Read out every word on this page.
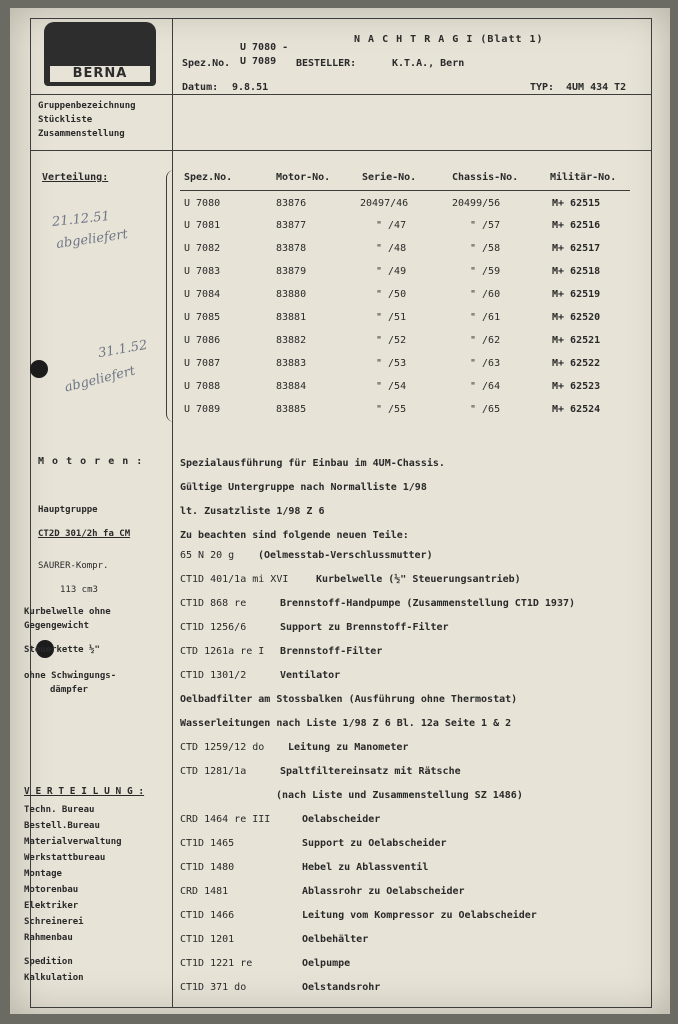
BERNA
U 7080 -
N A C H T R A G I (Blatt 1)
Spez.No. U 7089 BESTELLER:	K.T.A., Bern
Datum: 9.8.51	TYP: 4UM 434 T2
Gruppenbezeichnung
Stückliste
Zusammenstellung
Verteilung:	Spez.No.	Motor-No.	Serie-No.	Chassis-No.	Militär-No.
U 7080	83876	20497/46	20499/56	M+ 62515
U 7081	83877	" /47	" /57	M+ 62516
U 7082	83878	" /48	" /58	M+ 62517
U 7083	83879	" /49	" /59	M+ 62518
U 7084	83880	" /50	" /60	M+ 62519
U 7085	83881	" /51	" /61	M+ 62520
U 7086	83882	" /52	" /62	M+ 62521
U 7087	83883	" /53	" /63	M+ 62522
U 7088	83884	" /54	" /64	M+ 62523
U 7089	83885	" /55	" /65	M+ 62524
21.12.51
abgeliefert
31.1.52
abgeliefert
M o t o r e n :
Hauptgruppe
CT2D 301/2h fa CM
SAURER-Kompr.
113 cm3
Kurbelwelle ohne
Gegengewicht
Steuerkette ½"
ohne Schwingungs-
dämpfer
Spezialausführung für Einbau im 4UM-Chassis.
Gültige Untergruppe nach Normalliste 1/98
lt. Zusatzliste 1/98 Z 6
Zu beachten sind folgende neuen Teile:
65 N 20 g (Oelmesstab-Verschlussmutter)
CT1D 401/1a mi XVI	Kurbelwelle (½" Steuerungsantrieb)
CT1D 868 re	Brennstoff-Handpumpe (Zusammenstellung CT1D 1937)
CT1D 1256/6	Support zu Brennstoff-Filter
CTD 1261a re I Brennstoff-Filter
CT1D 1301/2	Ventilator
Oelbadfilter am Stossbalken (Ausführung ohne Thermostat)
Wasserleitungen nach Liste 1/98 Z 6 Bl. 12a Seite 1 & 2
CTD 1259/12 do Leitung zu Manometer
CTD 1281/1a	Spaltfiltereinsatz mit Rätsche
(nach Liste und Zusammenstellung SZ 1486)
CRD 1464 re III	Oelabscheider
CT1D 1465	Support zu Oelabscheider
CT1D 1480	Hebel zu Ablassventil
CRD 1481	Ablassrohr zu Oelabscheider
CT1D 1466	Leitung vom Kompressor zu Oelabscheider
CT1D 1201	Oelbehälter
CT1D 1221 re	Oelpumpe
CT1D 371 do	Oelstandsrohr
V E R T E I L U N G :
Techn. Bureau
Bestell.Bureau
Materialverwaltung
Werkstattbureau
Montage
Motorenbau
Elektriker
Schreinerei
Rahmenbau
Spedition
Kalkulation
